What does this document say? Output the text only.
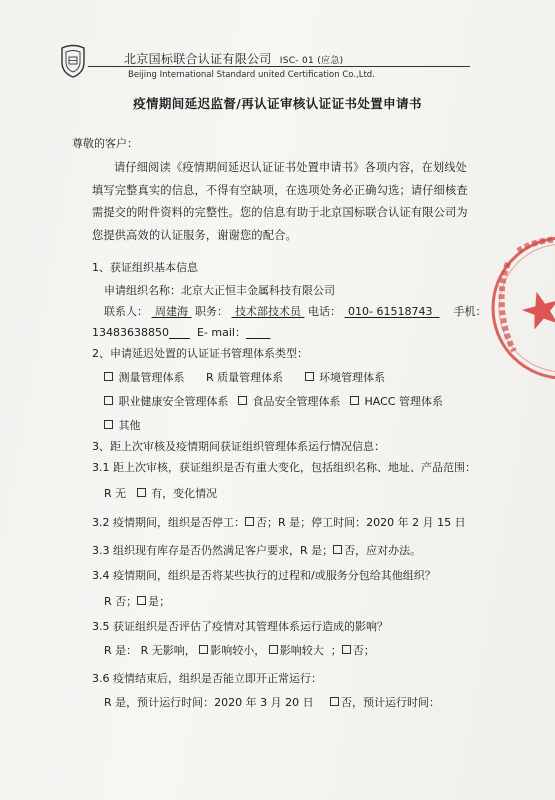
北京国标联合认证有限公司 ISC- 01 (应急)
Beijing International Standard united Certification Co.,Ltd.
疫情期间延迟监督/再认证审核认证证书处置申请书
尊敬的客户：
请仔细阅读《疫情期间延迟认证证书处置申请书》各项内容，在划线处填写完整真实的信息，不得有空缺项，在选项处务必正确勾选；请仔细核查需提交的附件资料的完整性。您的信息有助于北京国标联合认证有限公司为您提供高效的认证服务，谢谢您的配合。
1、获证组织基本信息
申请组织名称：北京大正恒丰金属科技有限公司
联系人： 周建海 职务： 技术部技术员 电话： 010- 61518743 手机：
13483638850	E- mail：
2、申请延迟处置的认证证书管理体系类型：
测量管理体系 R 质量管理体系	环境管理体系
职业健康安全管理体系 食品安全管理体系 HACC 管理体系
其他
3、距上次审核及疫情期间获证组织管理体系运行情况信息：
3.1 距上次审核，获证组织是否有重大变化，包括组织名称、地址、产品范围：
R 无 有，变化情况
3.2 疫情期间，组织是否停工： 否；R 是；停工时间：2020 年 2 月 15 日
3.3 组织现有库存是否仍然满足客户要求，R 是； 否，应对办法。
3.4 疫情期间，组织是否将某些执行的过程和/或服务分包给其他组织？
R 否； 是；
3.5 获证组织是否评估了疫情对其管理体系运行造成的影响？
R 是： R 无影响， 影响较小， 影响较大 ； 否；
3.6 疫情结束后，组织是否能立即开正常运行：
R 是，预计运行时间：2020 年 3 月 20 日	否，预计运行时间：
